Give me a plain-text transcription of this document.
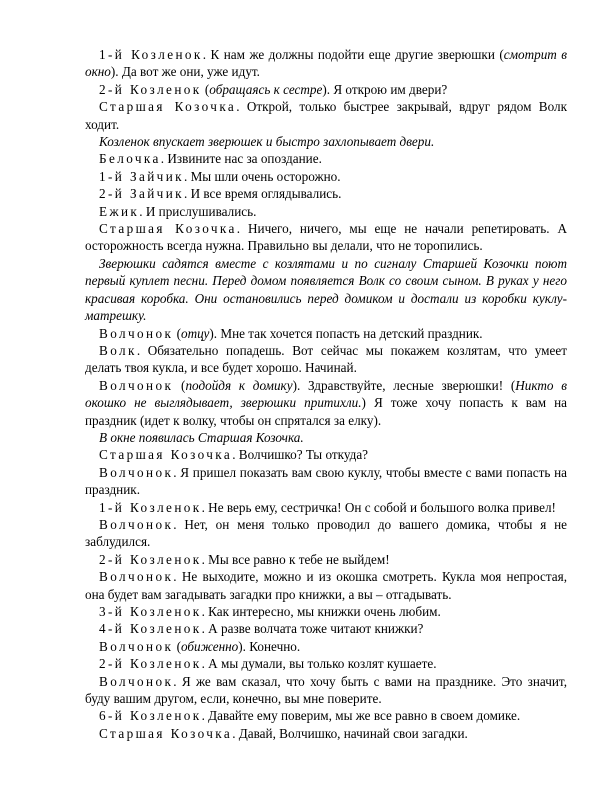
1-й Козленок. К нам же должны подойти еще другие зверюшки (смотрит в окно). Да вот же они, уже идут.

2-й Козленок (обращаясь к сестре). Я открою им двери?

Старшая Козочка. Открой, только быстрее закрывай, вдруг рядом Волк ходит.

Козленок впускает зверюшек и быстро захлопывает двери.

Белочка. Извините нас за опоздание.

1-й Зайчик. Мы шли очень осторожно.

2-й Зайчик. И все время оглядывались.

Ежик. И прислушивались.

Старшая Козочка. Ничего, ничего, мы еще не начали репетировать. А осторожность всегда нужна. Правильно вы делали, что не торопились.

Зверюшки садятся вместе с козлятами и по сигналу Старшей Козочки поют первый куплет песни. Перед домом появляется Волк со своим сыном. В руках у него красивая коробка. Они остановились перед домиком и достали из коробки куклу-матрешку.

Волчонок (отцу). Мне так хочется попасть на детский праздник.

Волк. Обязательно попадешь. Вот сейчас мы покажем козлятам, что умеет делать твоя кукла, и все будет хорошо. Начинай.

Волчонок (подойдя к домику). Здравствуйте, лесные зверюшки! (Никто в окошко не выглядывает, зверюшки притихли.) Я тоже хочу попасть к вам на праздник (идет к волку, чтобы он спрятался за елку).

В окне появилась Старшая Козочка.

Старшая Козочка. Волчишко? Ты откуда?

Волчонок. Я пришел показать вам свою куклу, чтобы вместе с вами попасть на праздник.

1-й Козленок. Не верь ему, сестричка! Он с собой и большого волка привел!

Волчонок. Нет, он меня только проводил до вашего домика, чтобы я не заблудился.

2-й Козленок. Мы все равно к тебе не выйдем!

Волчонок. Не выходите, можно и из окошка смотреть. Кукла моя непростая, она будет вам загадывать загадки про книжки, а вы – отгадывать.

3-й Козленок. Как интересно, мы книжки очень любим.

4-й Козленок. А разве волчата тоже читают книжки?

Волчонок (обиженно). Конечно.

2-й Козленок. А мы думали, вы только козлят кушаете.

Волчонок. Я же вам сказал, что хочу быть с вами на празднике. Это значит, буду вашим другом, если, конечно, вы мне поверите.

6-й Козленок. Давайте ему поверим, мы же все равно в своем домике.

Старшая Козочка. Давай, Волчишко, начинай свои загадки.
